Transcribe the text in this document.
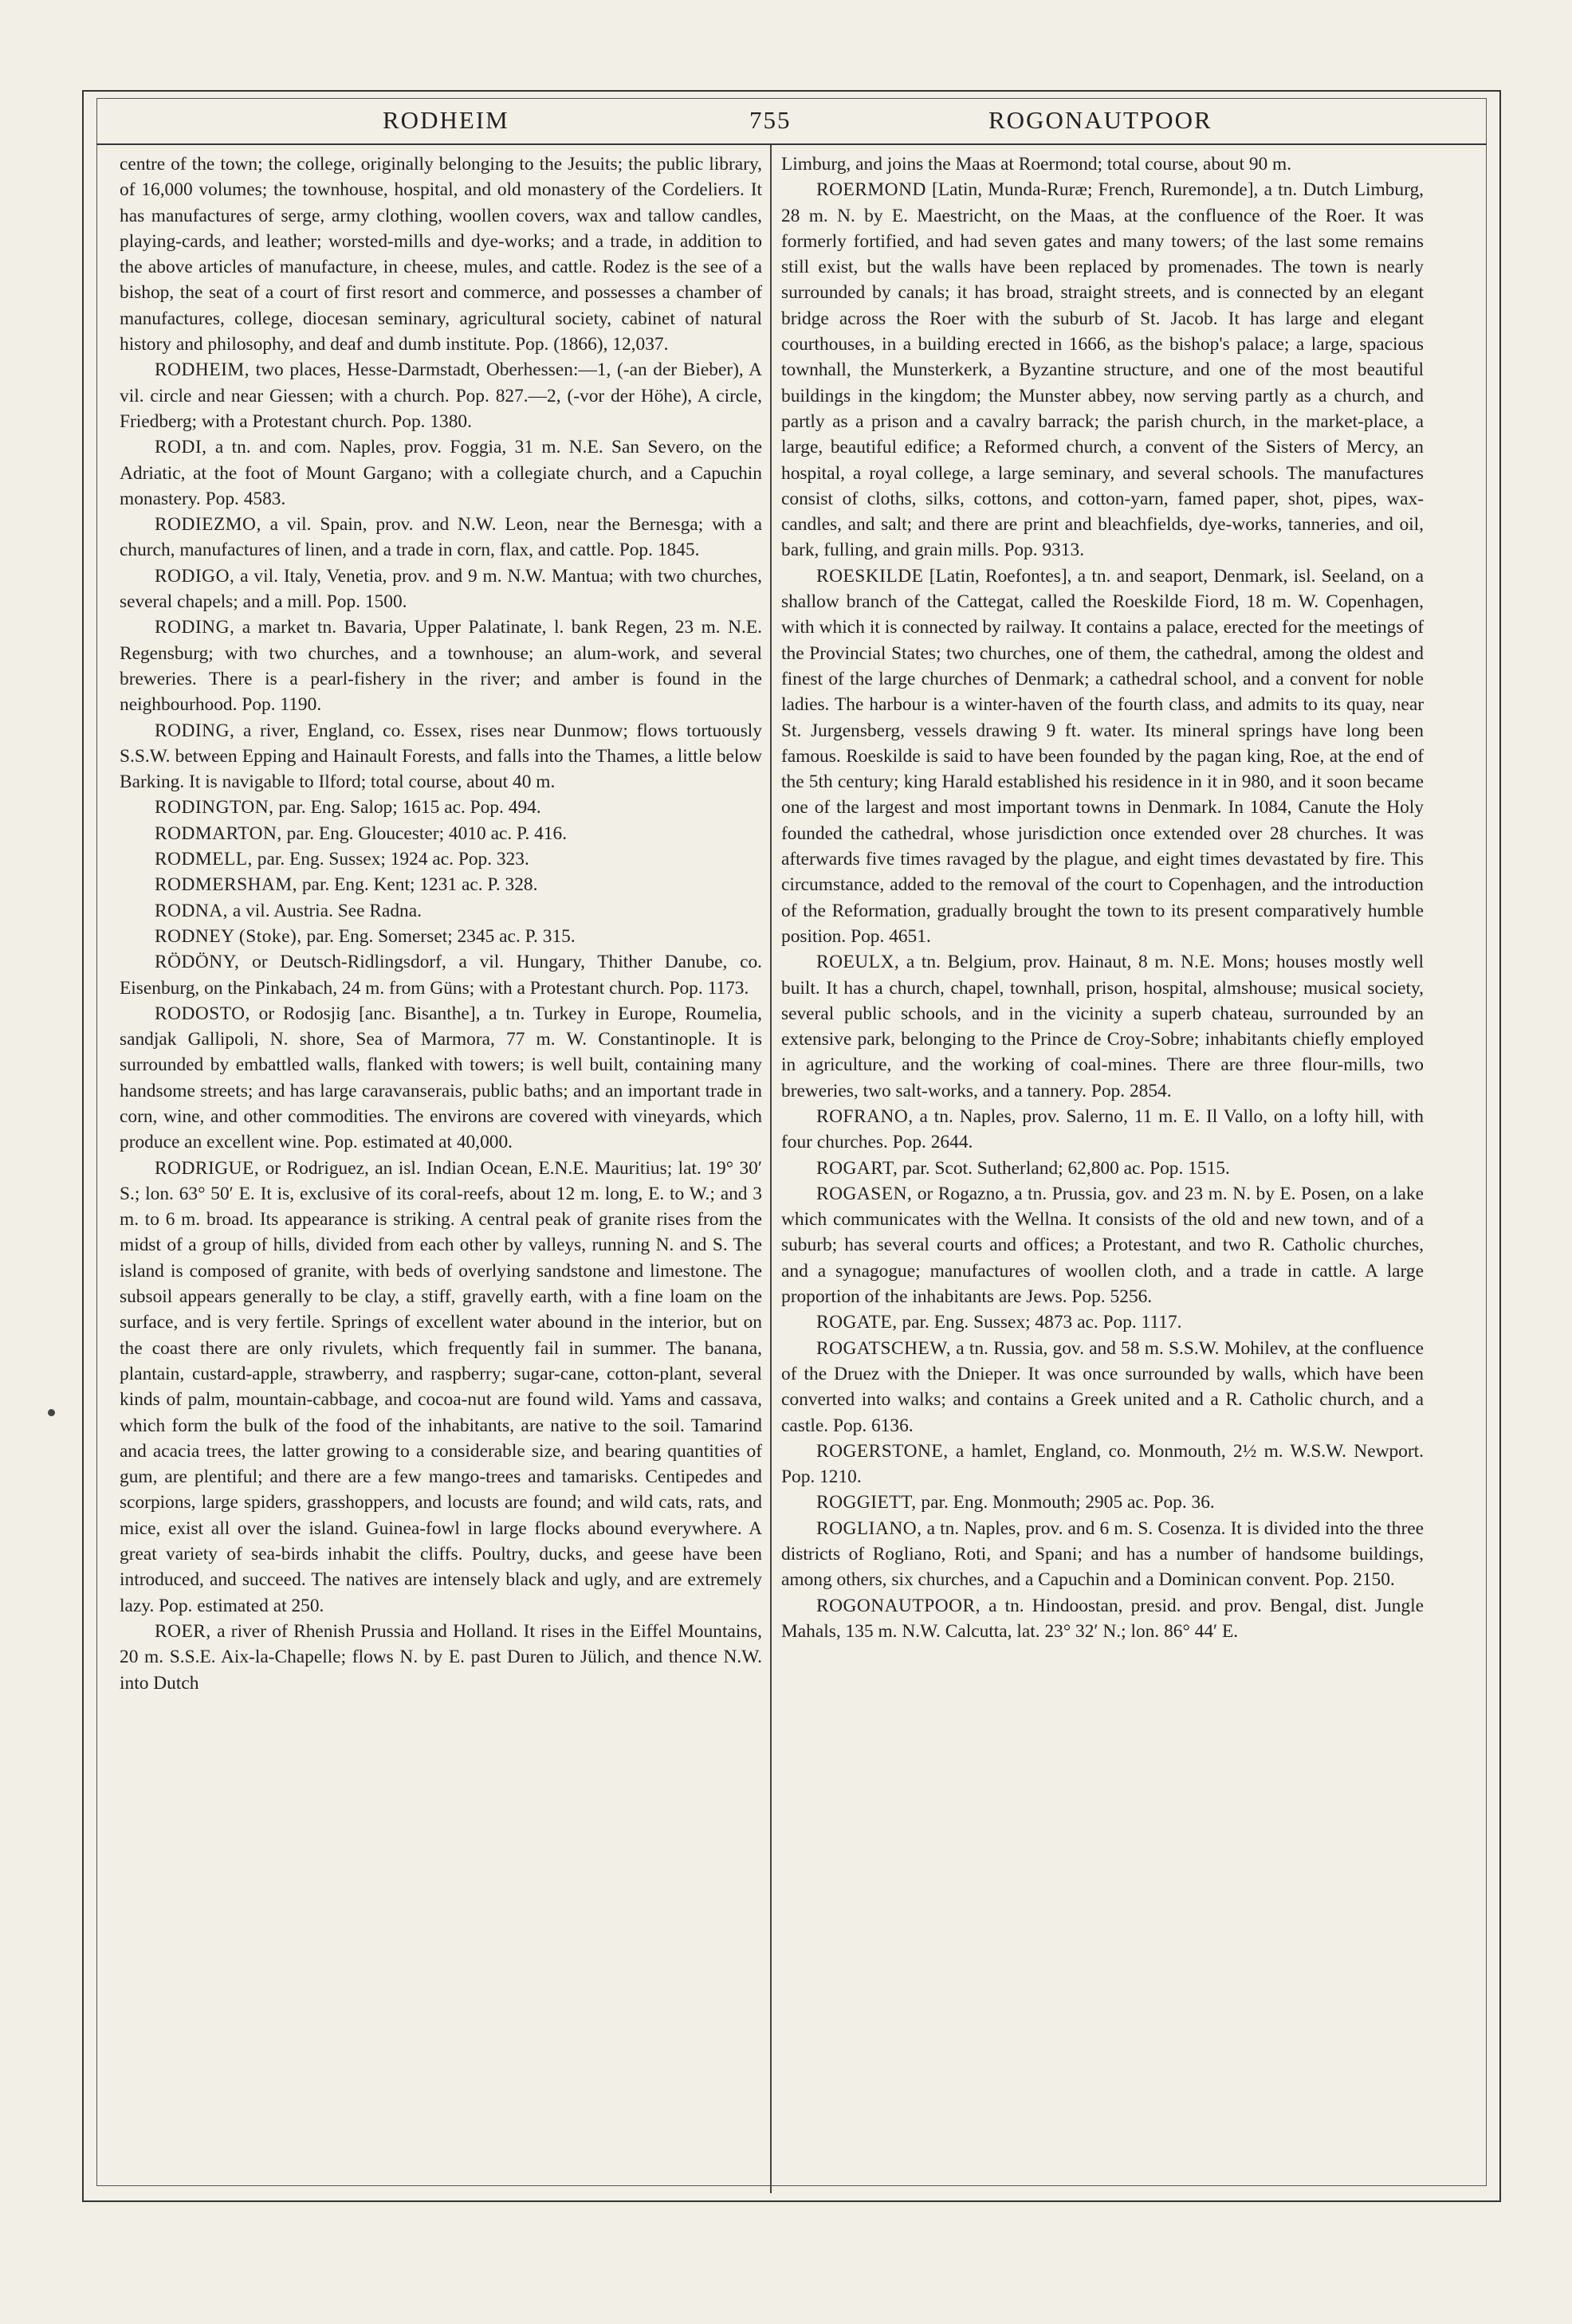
RODHEIM	755	ROGONAUTPOOR

centre of the town; the college, originally belonging to the Jesuits; the public library, of 16,000 volumes; the townhouse, hospital, and old monastery of the Cordeliers. It has manufactures of serge, army clothing, woollen covers, wax and tallow candles, playing-cards, and leather; worsted-mills and dye-works; and a trade, in addition to the above articles of manufacture, in cheese, mules, and cattle. Rodez is the see of a bishop, the seat of a court of first resort and commerce, and possesses a chamber of manufactures, college, diocesan seminary, agricultural society, cabinet of natural history and philosophy, and deaf and dumb institute. Pop. (1866), 12,037.

RODHEIM, two places, Hesse-Darmstadt, Oberhessen:—1, (-an der Bieber), A vil. circle and near Giessen; with a church. Pop. 827.—2, (-vor der Höhe), A circle, Friedberg; with a Protestant church. Pop. 1380.

RODI, a tn. and com. Naples, prov. Foggia, 31 m. N.E. San Severo, on the Adriatic, at the foot of Mount Gargano; with a collegiate church, and a Capuchin monastery. Pop. 4583.

RODIEZMO, a vil. Spain, prov. and N.W. Leon, near the Bernesga; with a church, manufactures of linen, and a trade in corn, flax, and cattle. Pop. 1845.

RODIGO, a vil. Italy, Venetia, prov. and 9 m. N.W. Mantua; with two churches, several chapels; and a mill. Pop. 1500.

RODING, a market tn. Bavaria, Upper Palatinate, l. bank Regen, 23 m. N.E. Regensburg; with two churches, and a townhouse; an alum-work, and several breweries. There is a pearl-fishery in the river; and amber is found in the neighbourhood. Pop. 1190.

RODING, a river, England, co. Essex, rises near Dunmow; flows tortuously S.S.W. between Epping and Hainault Forests, and falls into the Thames, a little below Barking. It is navigable to Ilford; total course, about 40 m.

RODINGTON, par. Eng. Salop; 1615 ac. Pop. 494.

RODMARTON, par. Eng. Gloucester; 4010 ac. P. 416.

RODMELL, par. Eng. Sussex; 1924 ac. Pop. 323.

RODMERSHAM, par. Eng. Kent; 1231 ac. P. 328.

RODNA, a vil. Austria. See Radna.

RODNEY (Stoke), par. Eng. Somerset; 2345 ac. P. 315.

RÖDÖNY, or Deutsch-Ridlingsdorf, a vil. Hungary, Thither Danube, co. Eisenburg, on the Pinkabach, 24 m. from Güns; with a Protestant church. Pop. 1173.

RODOSTO, or Rodosjig [anc. Bisanthe], a tn. Turkey in Europe, Roumelia, sandjak Gallipoli, N. shore, Sea of Marmora, 77 m. W. Constantinople. It is surrounded by embattled walls, flanked with towers; is well built, containing many handsome streets; and has large caravanserais, public baths; and an important trade in corn, wine, and other commodities. The environs are covered with vineyards, which produce an excellent wine. Pop. estimated at 40,000.

RODRIGUE, or Rodriguez, an isl. Indian Ocean, E.N.E. Mauritius; lat. 19° 30′ S.; lon. 63° 50′ E. It is, exclusive of its coral-reefs, about 12 m. long, E. to W.; and 3 m. to 6 m. broad. Its appearance is striking. A central peak of granite rises from the midst of a group of hills, divided from each other by valleys, running N. and S. The island is composed of granite, with beds of overlying sandstone and limestone. The subsoil appears generally to be clay, a stiff, gravelly earth, with a fine loam on the surface, and is very fertile. Springs of excellent water abound in the interior, but on the coast there are only rivulets, which frequently fail in summer. The banana, plantain, custard-apple, strawberry, and raspberry; sugar-cane, cotton-plant, several kinds of palm, mountain-cabbage, and cocoa-nut are found wild. Yams and cassava, which form the bulk of the food of the inhabitants, are native to the soil. Tamarind and acacia trees, the latter growing to a considerable size, and bearing quantities of gum, are plentiful; and there are a few mango-trees and tamarisks. Centipedes and scorpions, large spiders, grasshoppers, and locusts are found; and wild cats, rats, and mice, exist all over the island. Guinea-fowl in large flocks abound everywhere. A great variety of sea-birds inhabit the cliffs. Poultry, ducks, and geese have been introduced, and succeed. The natives are intensely black and ugly, and are extremely lazy. Pop. estimated at 250.

ROER, a river of Rhenish Prussia and Holland. It rises in the Eiffel Mountains, 20 m. S.S.E. Aix-la-Chapelle; flows N. by E. past Duren to Jülich, and thence N.W. into Dutch

Limburg, and joins the Maas at Roermond; total course, about 90 m.

ROERMOND [Latin, Munda-Ruræ; French, Ruremonde], a tn. Dutch Limburg, 28 m. N. by E. Maestricht, on the Maas, at the confluence of the Roer. It was formerly fortified, and had seven gates and many towers; of the last some remains still exist, but the walls have been replaced by promenades. The town is nearly surrounded by canals; it has broad, straight streets, and is connected by an elegant bridge across the Roer with the suburb of St. Jacob. It has large and elegant courthouses, in a building erected in 1666, as the bishop's palace; a large, spacious townhall, the Munsterkerk, a Byzantine structure, and one of the most beautiful buildings in the kingdom; the Munster abbey, now serving partly as a church, and partly as a prison and a cavalry barrack; the parish church, in the market-place, a large, beautiful edifice; a Reformed church, a convent of the Sisters of Mercy, an hospital, a royal college, a large seminary, and several schools. The manufactures consist of cloths, silks, cottons, and cotton-yarn, famed paper, shot, pipes, wax-candles, and salt; and there are print and bleachfields, dye-works, tanneries, and oil, bark, fulling, and grain mills. Pop. 9313.

ROESKILDE [Latin, Roefontes], a tn. and seaport, Denmark, isl. Seeland, on a shallow branch of the Cattegat, called the Roeskilde Fiord, 18 m. W. Copenhagen, with which it is connected by railway. It contains a palace, erected for the meetings of the Provincial States; two churches, one of them, the cathedral, among the oldest and finest of the large churches of Denmark; a cathedral school, and a convent for noble ladies. The harbour is a winter-haven of the fourth class, and admits to its quay, near St. Jurgensberg, vessels drawing 9 ft. water. Its mineral springs have long been famous. Roeskilde is said to have been founded by the pagan king, Roe, at the end of the 5th century; king Harald established his residence in it in 980, and it soon became one of the largest and most important towns in Denmark. In 1084, Canute the Holy founded the cathedral, whose jurisdiction once extended over 28 churches. It was afterwards five times ravaged by the plague, and eight times devastated by fire. This circumstance, added to the removal of the court to Copenhagen, and the introduction of the Reformation, gradually brought the town to its present comparatively humble position. Pop. 4651.

ROEULX, a tn. Belgium, prov. Hainaut, 8 m. N.E. Mons; houses mostly well built. It has a church, chapel, townhall, prison, hospital, almshouse; musical society, several public schools, and in the vicinity a superb chateau, surrounded by an extensive park, belonging to the Prince de Croy-Sobre; inhabitants chiefly employed in agriculture, and the working of coal-mines. There are three flour-mills, two breweries, two salt-works, and a tannery. Pop. 2854.

ROFRANO, a tn. Naples, prov. Salerno, 11 m. E. Il Vallo, on a lofty hill, with four churches. Pop. 2644.

ROGART, par. Scot. Sutherland; 62,800 ac. Pop. 1515.

ROGASEN, or Rogazno, a tn. Prussia, gov. and 23 m. N. by E. Posen, on a lake which communicates with the Wellna. It consists of the old and new town, and of a suburb; has several courts and offices; a Protestant, and two R. Catholic churches, and a synagogue; manufactures of woollen cloth, and a trade in cattle. A large proportion of the inhabitants are Jews. Pop. 5256.

ROGATE, par. Eng. Sussex; 4873 ac. Pop. 1117.

ROGATSCHEW, a tn. Russia, gov. and 58 m. S.S.W. Mohilev, at the confluence of the Druez with the Dnieper. It was once surrounded by walls, which have been converted into walks; and contains a Greek united and a R. Catholic church, and a castle. Pop. 6136.

ROGERSTONE, a hamlet, England, co. Monmouth, 2½ m. W.S.W. Newport. Pop. 1210.

ROGGIETT, par. Eng. Monmouth; 2905 ac. Pop. 36.

ROGLIANO, a tn. Naples, prov. and 6 m. S. Cosenza. It is divided into the three districts of Rogliano, Roti, and Spani; and has a number of handsome buildings, among others, six churches, and a Capuchin and a Dominican convent. Pop. 2150.

ROGONAUTPOOR, a tn. Hindoostan, presid. and prov. Bengal, dist. Jungle Mahals, 135 m. N.W. Calcutta, lat. 23° 32′ N.; lon. 86° 44′ E.
